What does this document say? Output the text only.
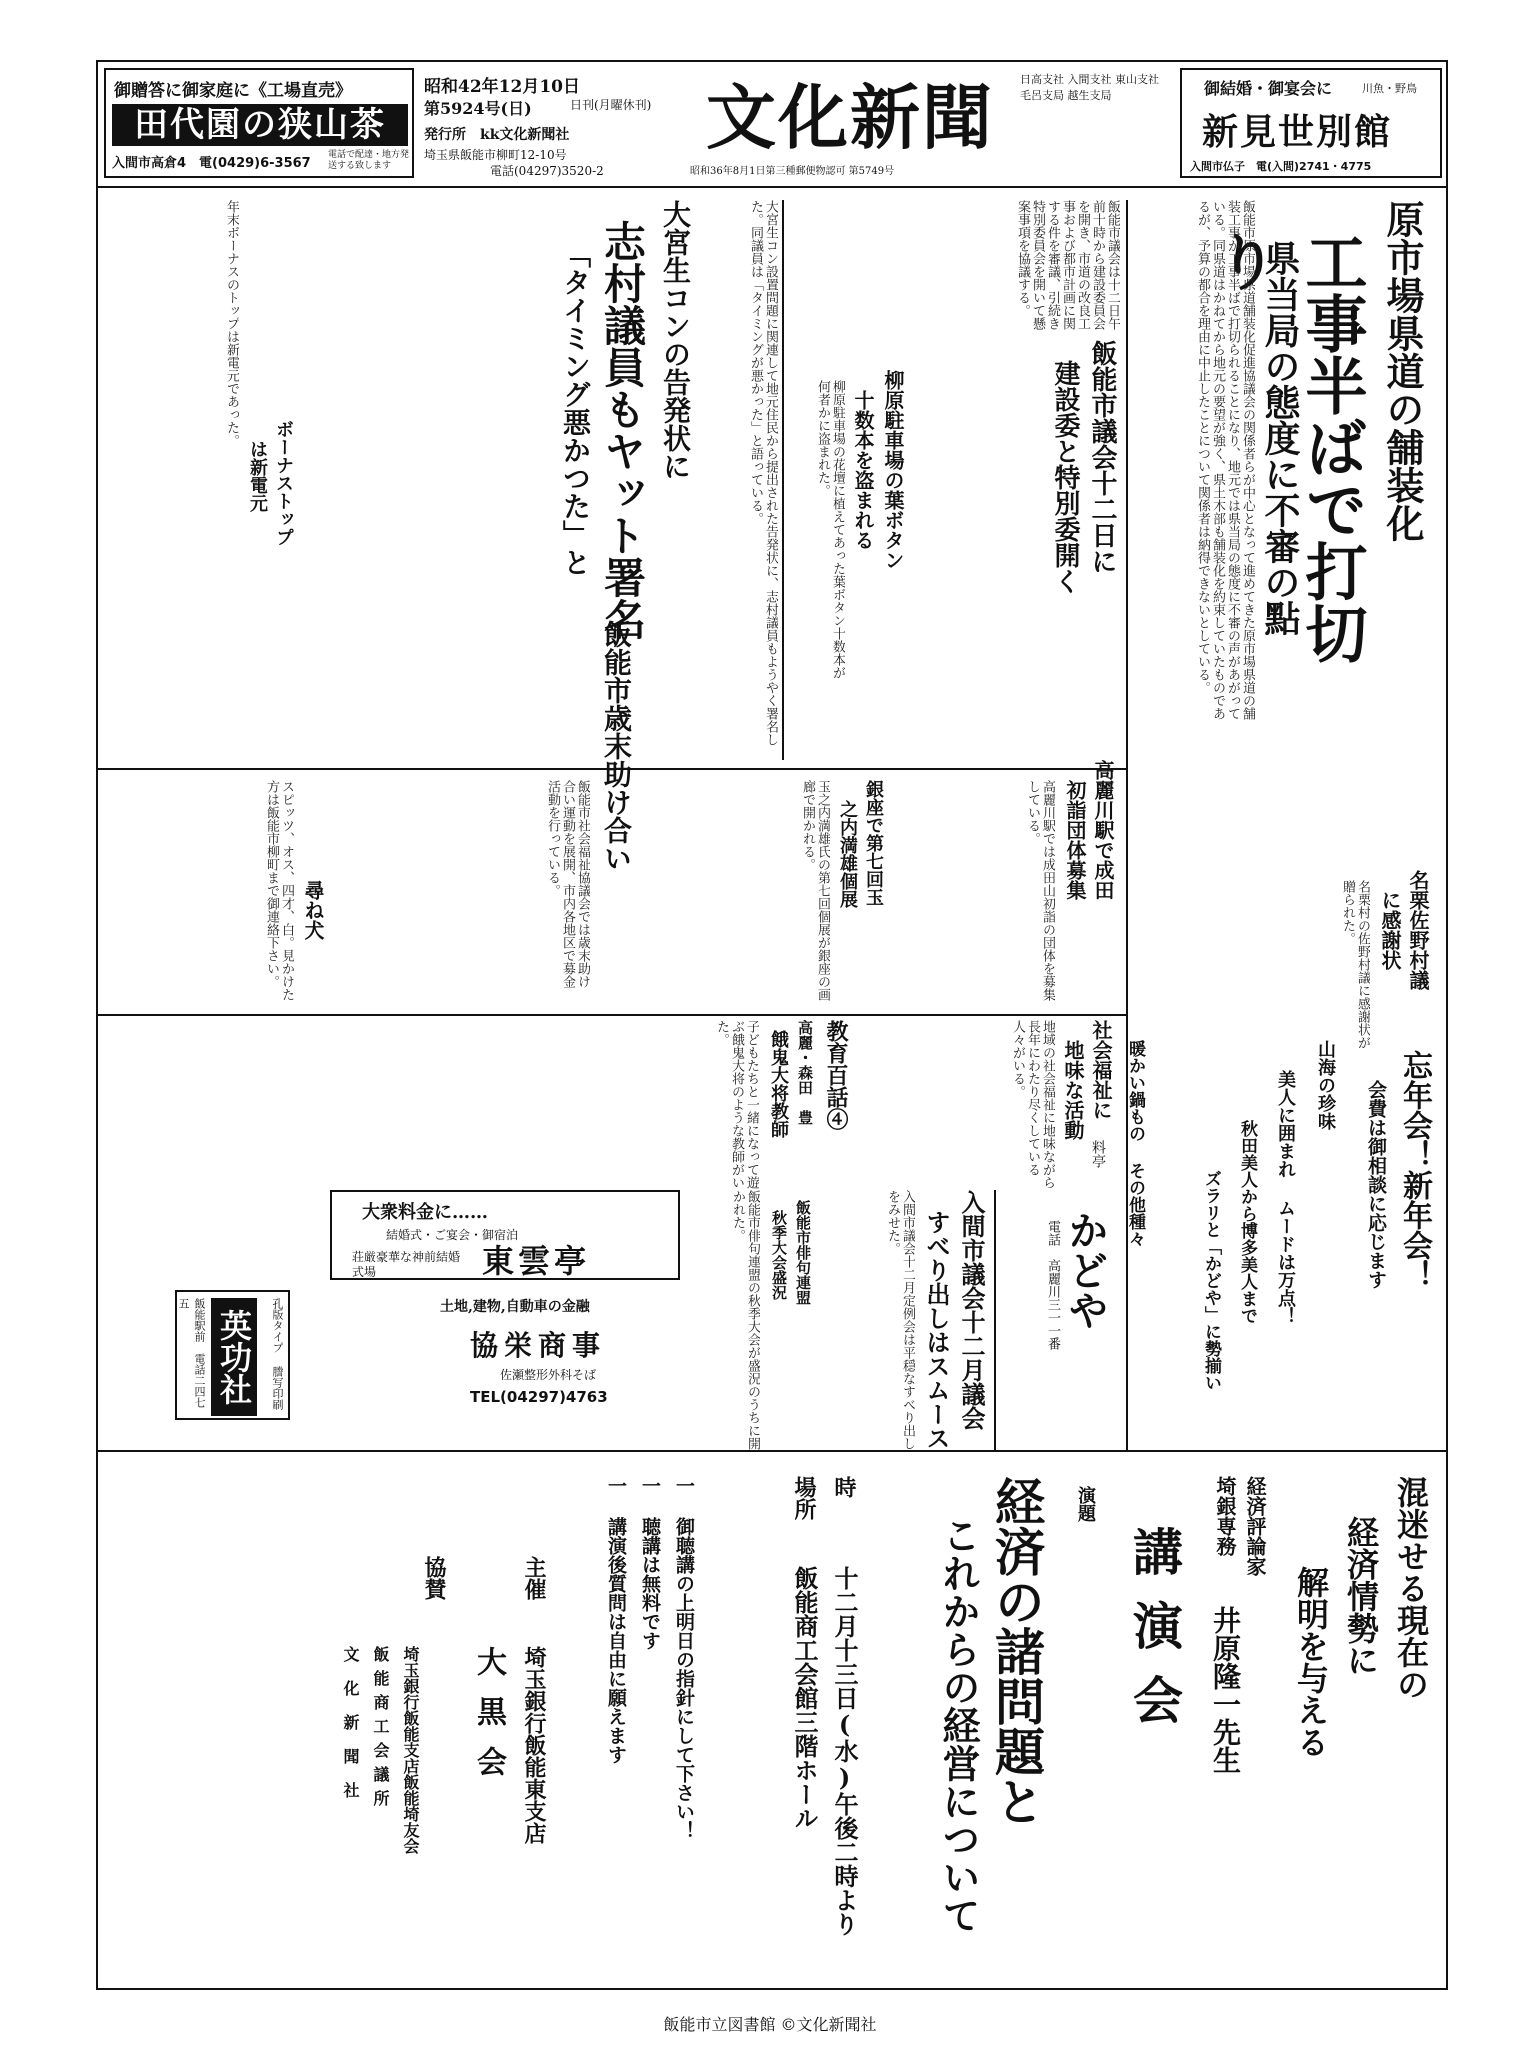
御贈答に御家庭に《工場直売》
田代園の狭山茶
入間市高倉4　電(0429)6-3567
電話で配達・地方発送する致します
昭和42年12月10日
第5924号(日)	日刊(月曜休刊)
発行所　kk文化新聞社
埼玉県飯能市柳町12-10号
電話(04297)3520-2
文化新聞
昭和36年8月1日第三種郵便物認可 第5749号
日高支社 入間支社 東山支社 毛呂支局 越生支局	御結婚・御宴会に	川魚・野鳥
新見世別館
入間市仏子　電(入間)2741・4775
原市場県道の舗装化
工事半ばで打切り
県当局の態度に不審の點
飯能市原市場県道舗装化促進協議会の関係者らが中心となって進めてきた原市場県道の舗装工事が工事半ばで打切られることになり、地元では県当局の態度に不審の声があがっている。同県道はかねてから地元の要望が強く、県土木部も舗装化を約束していたものであるが、予算の都合を理由に中止したことについて関係者は納得できないとしている。
飯能市議会十二日に
建設委と特別委開く
飯能市議会は十二日午前十時から建設委員会を開き、市道の改良工事および都市計画に関する件を審議、引続き特別委員会を開いて懸案事項を協議する。
柳原駐車場の葉ボタン
十数本を盗まれる
柳原駐車場の花壇に植えてあった葉ボタン十数本が何者かに盗まれた。
大宮生コン設置問題に関連して地元住民から提出された告発状に、志村議員もようやく署名した。同議員は「タイミングが悪かった」と語っている。
大宮生コンの告発状に
志村議員もヤット署名
「タイミング悪かつた」と
ボーナストップ
は新電元
年末ボーナスのトップは新電元であった。
飯能市歳末助け合い
飯能市社会福祉協議会では歳末助け合い運動を展開、市内各地区で募金活動を行っている。	高麗川駅で成田
初詣団体募集
高麗川駅では成田山初詣の団体を募集している。
銀座で第七回玉
之内満雄個展
玉之内満雄氏の第七回個展が銀座の画廊で開かれる。
尋ね犬
スピッツ、オス、四才、白。見かけた方は飯能市柳町まで御連絡下さい。	名栗佐野村議
に感謝状
名栗村の佐野村議に感謝状が贈られた。
社会福祉に
地味な活動
地域の社会福祉に地味ながら長年にわたり尽くしている人々がいる。
教育百話④
高麗・森田　豊
餓鬼大将教師
子どもたちと一緒になって遊ぶ餓鬼大将のような教師がいた。
忘年会！新年会！
会費は御相談に応じます
山海の珍味
美人に囲まれ ムードは万点！
秋田美人から博多美人まで
ズラリと「かどや」に勢揃い
暖かい鍋もの その他種々
料亭
かどや
電話　高麗川三一一番
入間市議会十二月議会
すべり出しはスムース
入間市議会十二月定例会は平穏なすべり出しをみせた。
飯能市俳句連盟
秋季大会盛況
飯能市俳句連盟の秋季大会が盛況のうちに開かれた。
大衆料金に……
結婚式・ご宴会・御宿泊
荘厳豪華な神前結婚式場	東雲亭
土地,建物,自動車の金融
協栄商事
佐瀬整形外科そば
TEL(04297)4763
孔版タイプ 謄写印刷
英功社
飯能駅前　電話二四七五
混迷せる現在の
経済情勢に
解明を与える
経済評論家
埼銀専務
井原隆一先生
講演会
演題
経済の諸問題と
これからの経営について
時
十二月十三日(水)午後二時より
場所
飯能商工会館三階ホール
一 御聴講の上明日の指針にして下さい！
一 聴講は無料です
一 講演後質問は自由に願えます
主催
埼玉銀行飯能東支店
大黒会
協賛
埼玉銀行飯能支店飯能埼友会
飯能商工会議所
文化新聞社
飯能市立図書館 ©文化新聞社
